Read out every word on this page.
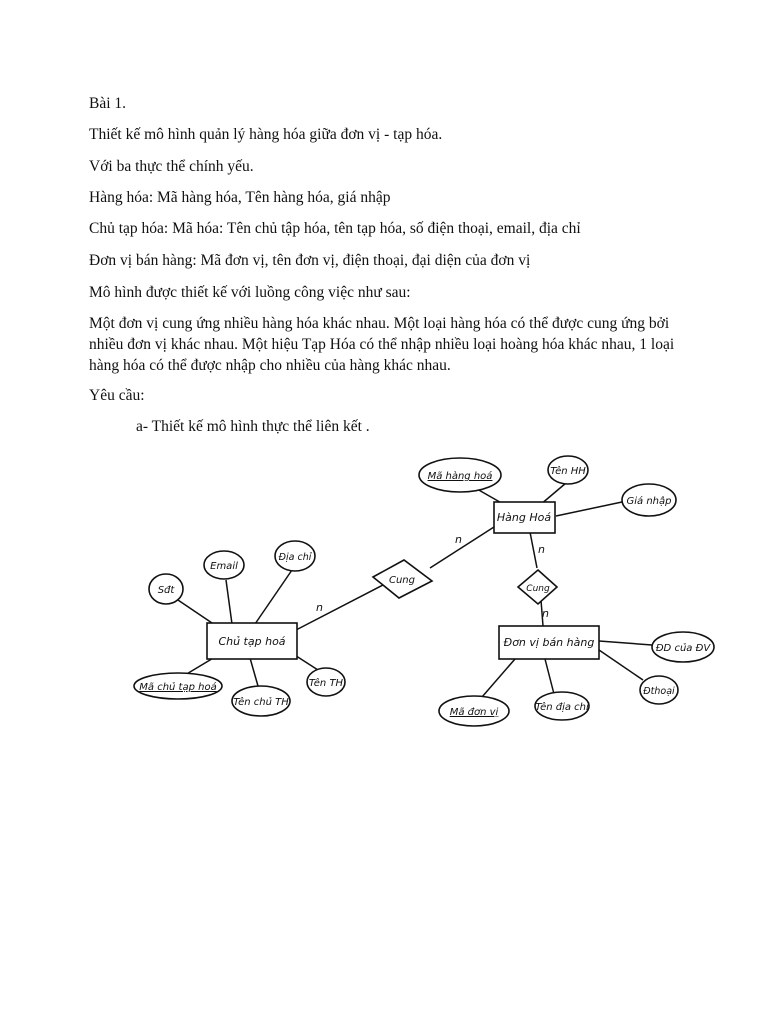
Bài 1.
Thiết kế mô hình quản lý hàng hóa giữa đơn vị - tạp hóa.
Với ba thực thể chính yếu.
Hàng hóa: Mã hàng hóa, Tên hàng hóa, giá nhập
Chủ tạp hóa: Mã hóa: Tên chủ tập hóa, tên tạp hóa, số điện thoại, email, địa chỉ
Đơn vị bán hàng: Mã đơn vị, tên đơn vị, điện thoại, đại diện của đơn vị
Mô hình được thiết kế với luồng công việc như sau:
Một đơn vị cung ứng nhiều hàng hóa khác nhau. Một loại hàng hóa có thể được cung ứng bởi nhiều đơn vị khác nhau. Một hiệu Tạp Hóa có thể nhập nhiều loại hoàng hóa khác nhau, 1 loại hàng hóa có thể được nhập cho nhiều của hàng khác nhau.
Yêu cầu:
a- Thiết kế mô hình thực thể liên kết .
Sđt
Email
Địa chỉ
Mã chủ tạp hoá
Tên chủ TH
Tên TH
Mã hàng hoá	Tên HH
Giá nhập
ĐD của ĐV
Đthoại
Tên địa chỉ
Mã đơn vị
Cung
Cung
Chủ tạp hoá
Hàng Hoá
Đơn vị bán hàng
n
n
n
n
